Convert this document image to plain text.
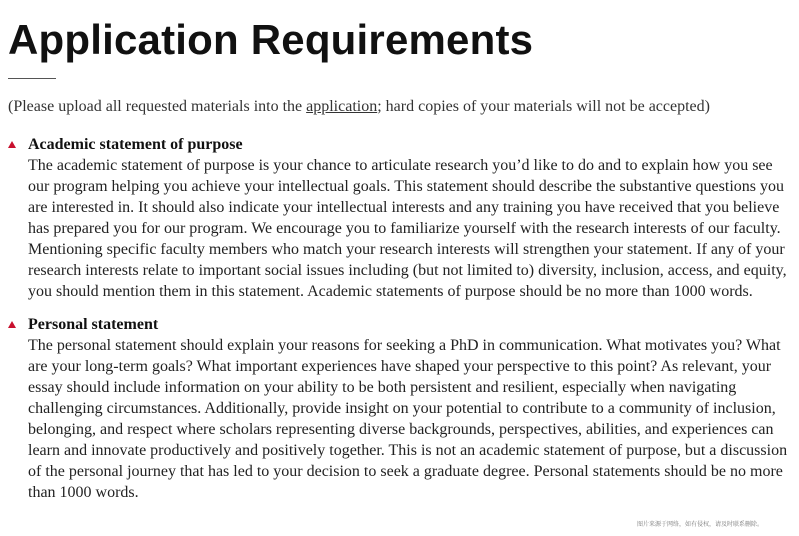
Application Requirements

(Please upload all requested materials into the application; hard copies of your materials will not be accepted)

Academic statement of purpose

The academic statement of purpose is your chance to articulate research you’d like to do and to explain how you see our program helping you achieve your intellectual goals. This statement should describe the substantive questions you are interested in. It should also indicate your intellectual interests and any training you have received that you believe has prepared you for our program. We encourage you to familiarize yourself with the research interests of our faculty. Mentioning specific faculty members who match your research interests will strengthen your statement. If any of your research interests relate to important social issues including (but not limited to) diversity, inclusion, access, and equity, you should mention them in this statement. Academic statements of purpose should be no more than 1000 words.

Personal statement

The personal statement should explain your reasons for seeking a PhD in communication. What motivates you? What are your long-term goals? What important experiences have shaped your perspective to this point? As relevant, your essay should include information on your ability to be both persistent and resilient, especially when navigating challenging circumstances. Additionally, provide insight on your potential to contribute to a community of inclusion, belonging, and respect where scholars representing diverse backgrounds, perspectives, abilities, and experiences can learn and innovate productively and positively together. This is not an academic statement of purpose, but a discussion of the personal journey that has led to your decision to seek a graduate degree. Personal statements should be no more than 1000 words.

图片来源于网络，如有侵权，请及时联系删除。
